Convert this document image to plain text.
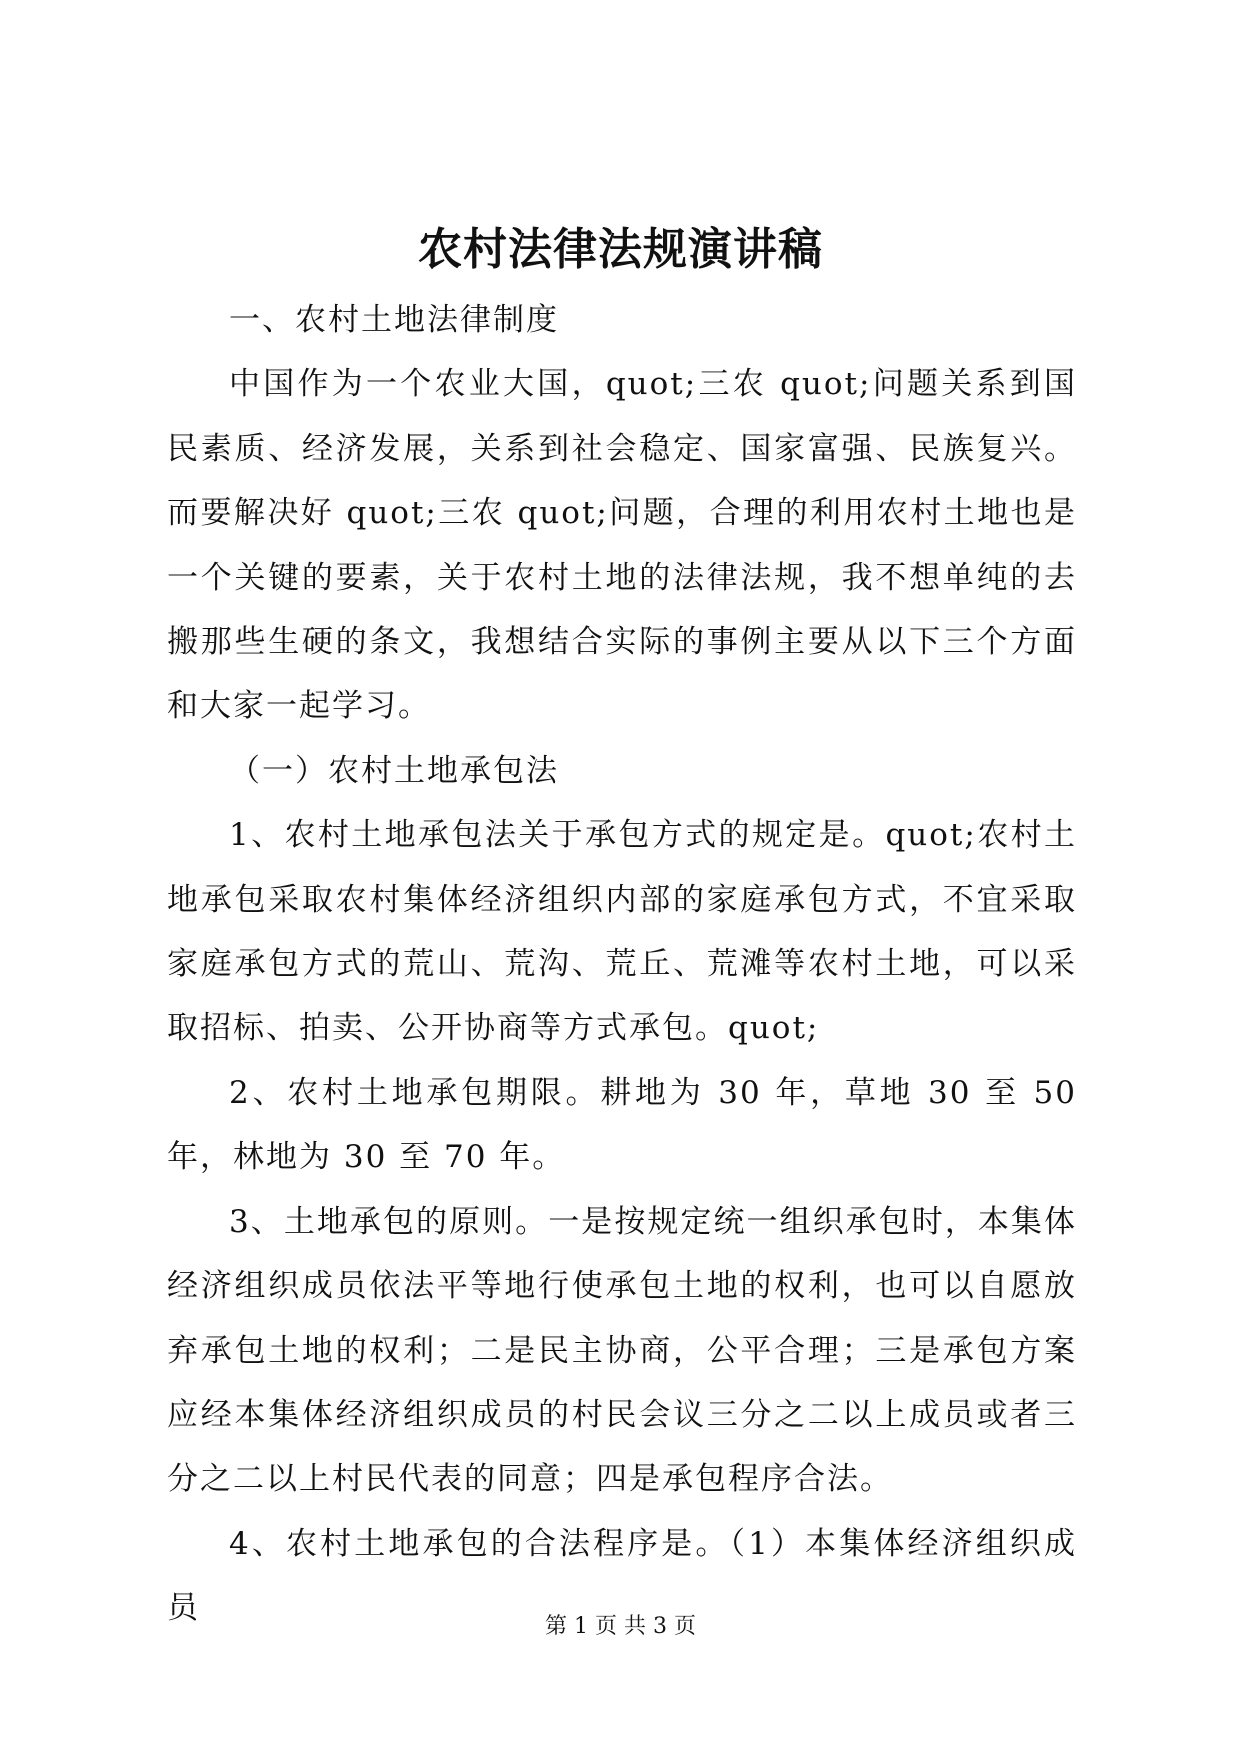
农村法律法规演讲稿

一、农村土地法律制度

中国作为一个农业大国，quot;三农 quot;问题关系到国民素质、经济发展，关系到社会稳定、国家富强、民族复兴。而要解决好 quot;三农 quot;问题，合理的利用农村土地也是一个关键的要素，关于农村土地的法律法规，我不想单纯的去搬那些生硬的条文，我想结合实际的事例主要从以下三个方面和大家一起学习。

（一）农村土地承包法

1、农村土地承包法关于承包方式的规定是。quot;农村土地承包采取农村集体经济组织内部的家庭承包方式，不宜采取家庭承包方式的荒山、荒沟、荒丘、荒滩等农村土地，可以采取招标、拍卖、公开协商等方式承包。quot;

2、农村土地承包期限。耕地为 30 年，草地 30 至 50 年，林地为 30 至 70 年。

3、土地承包的原则。一是按规定统一组织承包时，本集体经济组织成员依法平等地行使承包土地的权利，也可以自愿放弃承包土地的权利；二是民主协商，公平合理；三是承包方案应经本集体经济组织成员的村民会议三分之二以上成员或者三分之二以上村民代表的同意；四是承包程序合法。

4、农村土地承包的合法程序是。（1）本集体经济组织成员

第 1 页 共 3 页
